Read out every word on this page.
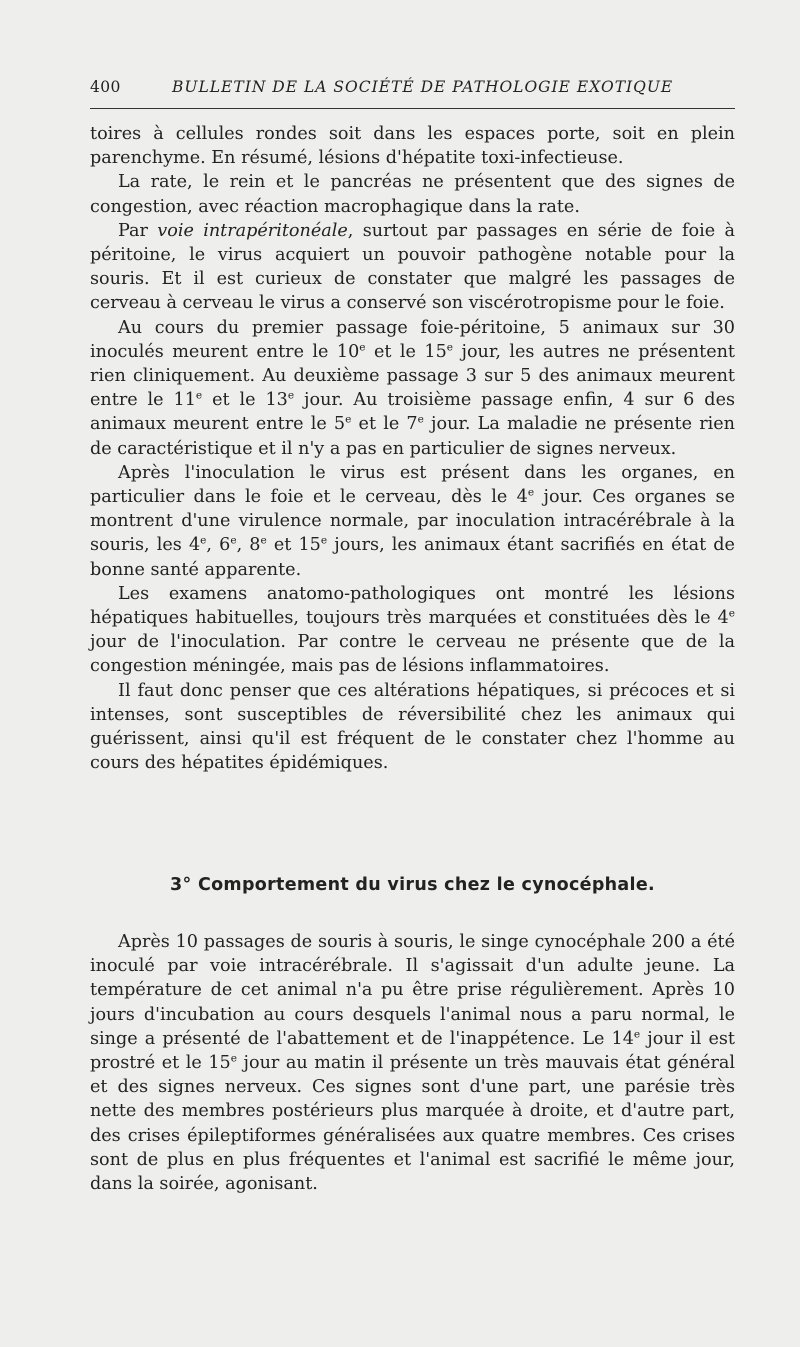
400	BULLETIN DE LA SOCIÉTÉ DE PATHOLOGIE EXOTIQUE

toires à cellules rondes soit dans les espaces porte, soit en plein parenchyme. En résumé, lésions d'hépatite toxi-infectieuse.

La rate, le rein et le pancréas ne présentent que des signes de congestion, avec réaction macrophagique dans la rate.

Par voie intrapéritonéale, surtout par passages en série de foie à péritoine, le virus acquiert un pouvoir pathogène notable pour la souris. Et il est curieux de constater que malgré les passages de cerveau à cerveau le virus a conservé son viscérotropisme pour le foie.

Au cours du premier passage foie-péritoine, 5 animaux sur 30 inoculés meurent entre le 10e et le 15e jour, les autres ne présentent rien cliniquement. Au deuxième passage 3 sur 5 des animaux meurent entre le 11e et le 13e jour. Au troisième passage enfin, 4 sur 6 des animaux meurent entre le 5e et le 7e jour. La maladie ne présente rien de caractéristique et il n'y a pas en particulier de signes nerveux.

Après l'inoculation le virus est présent dans les organes, en particulier dans le foie et le cerveau, dès le 4e jour. Ces organes se montrent d'une virulence normale, par inoculation intracérébrale à la souris, les 4e, 6e, 8e et 15e jours, les animaux étant sacrifiés en état de bonne santé apparente.

Les examens anatomo-pathologiques ont montré les lésions hépatiques habituelles, toujours très marquées et constituées dès le 4e jour de l'inoculation. Par contre le cerveau ne présente que de la congestion méningée, mais pas de lésions inflammatoires.

Il faut donc penser que ces altérations hépatiques, si précoces et si intenses, sont susceptibles de réversibilité chez les animaux qui guérissent, ainsi qu'il est fréquent de le constater chez l'homme au cours des hépatites épidémiques.

3° Comportement du virus chez le cynocéphale.

Après 10 passages de souris à souris, le singe cynocéphale 200 a été inoculé par voie intracérébrale. Il s'agissait d'un adulte jeune. La température de cet animal n'a pu être prise régulièrement. Après 10 jours d'incubation au cours desquels l'animal nous a paru normal, le singe a présenté de l'abattement et de l'inappétence. Le 14e jour il est prostré et le 15e jour au matin il présente un très mauvais état général et des signes nerveux. Ces signes sont d'une part, une parésie très nette des membres postérieurs plus marquée à droite, et d'autre part, des crises épileptiformes généralisées aux quatre membres. Ces crises sont de plus en plus fréquentes et l'animal est sacrifié le même jour, dans la soirée, agonisant.
